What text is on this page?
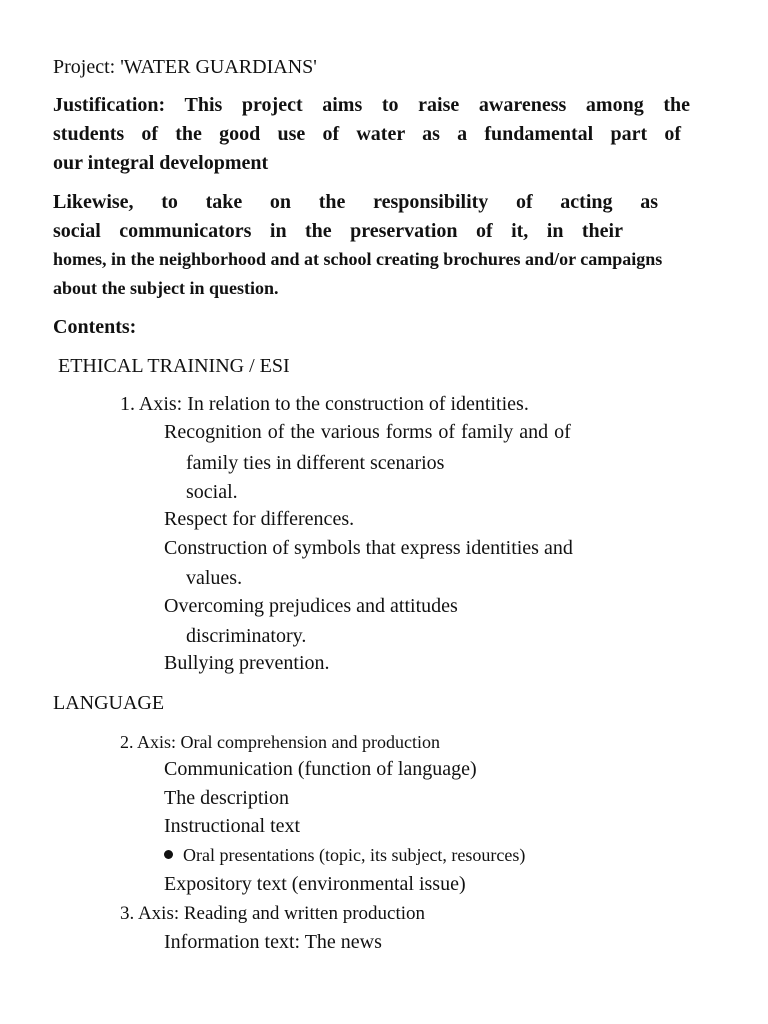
Project: 'WATER GUARDIANS'
Justification: This project aims to raise awareness among the
students of the good use of water as a fundamental part of
our integral development
Likewise, to take on the responsibility of acting as
social communicators in the preservation of it, in their
homes, in the neighborhood and at school creating brochures and/or campaigns
about the subject in question.
Contents:
ETHICAL TRAINING / ESI
1. Axis: In relation to the construction of identities.
Recognition of the various forms of family and of
family ties in different scenarios
social.
Respect for differences.
Construction of symbols that express identities and
values.
Overcoming prejudices and attitudes
discriminatory.
Bullying prevention.
LANGUAGE
2. Axis: Oral comprehension and production
Communication (function of language)
The description
Instructional text
Oral presentations (topic, its subject, resources)
Expository text (environmental issue)
3. Axis: Reading and written production
Information text: The news
